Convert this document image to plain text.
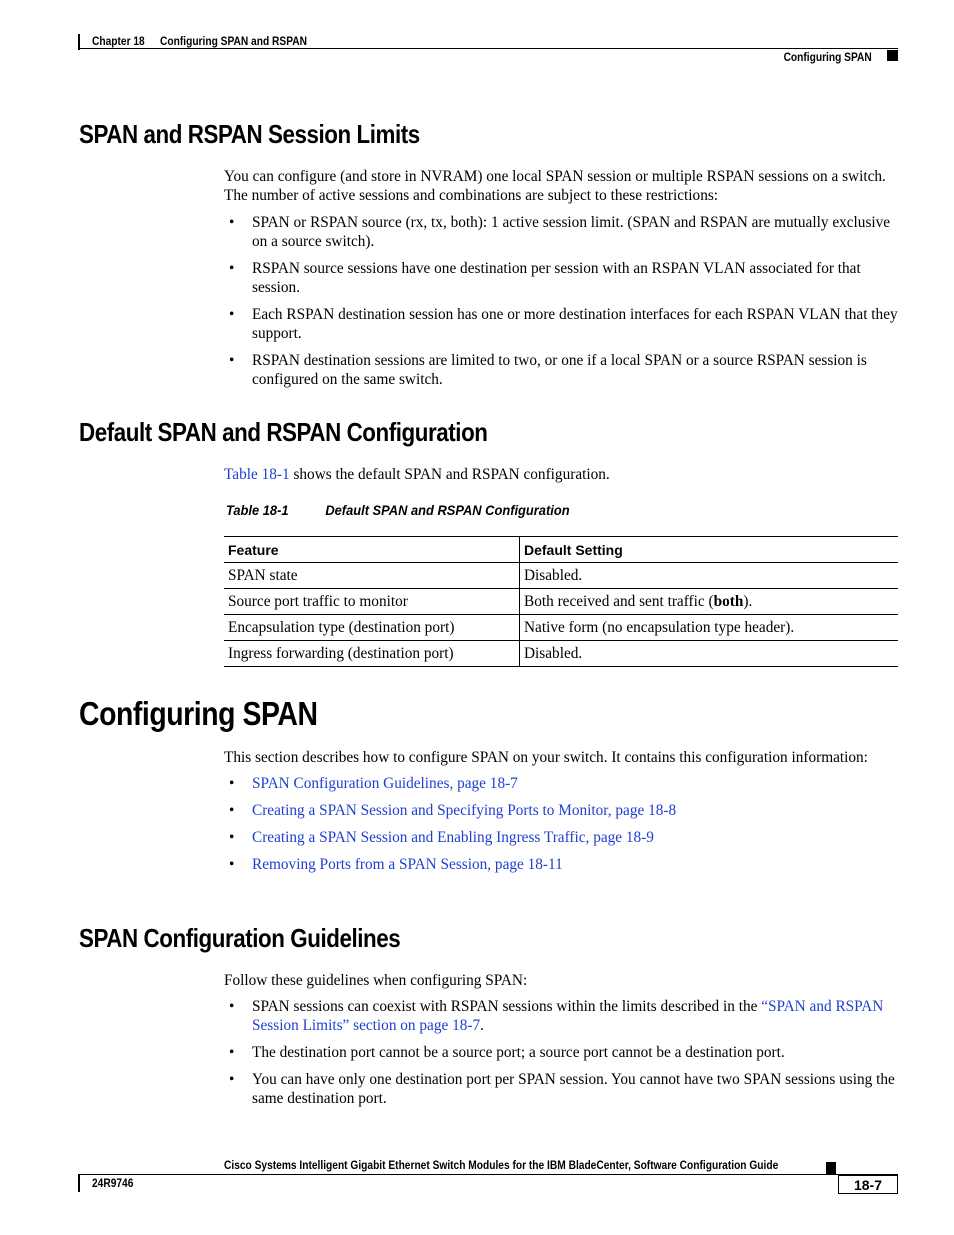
Chapter 18 Configuring SPAN and RSPAN
Configuring SPAN
SPAN and RSPAN Session Limits

You can configure (and store in NVRAM) one local SPAN session or multiple RSPAN sessions on a switch. The number of active sessions and combinations are subject to these restrictions:

• SPAN or RSPAN source (rx, tx, both): 1 active session limit. (SPAN and RSPAN are mutually exclusive on a source switch).
• RSPAN source sessions have one destination per session with an RSPAN VLAN associated for that session.
• Each RSPAN destination session has one or more destination interfaces for each RSPAN VLAN that they support.
• RSPAN destination sessions are limited to two, or one if a local SPAN or a source RSPAN session is configured on the same switch.
Default SPAN and RSPAN Configuration
Table 18-1 shows the default SPAN and RSPAN configuration.
Table 18-1	Default SPAN and RSPAN Configuration
Feature	Default Setting
SPAN state	Disabled.
Source port traffic to monitor	Both received and sent traffic (both).
Encapsulation type (destination port)	Native form (no encapsulation type header).
Ingress forwarding (destination port)	Disabled.
Configuring SPAN

This section describes how to configure SPAN on your switch. It contains this configuration information:

• SPAN Configuration Guidelines, page 18-7
• Creating a SPAN Session and Specifying Ports to Monitor, page 18-8
• Creating a SPAN Session and Enabling Ingress Traffic, page 18-9
• Removing Ports from a SPAN Session, page 18-11
SPAN Configuration Guidelines

Follow these guidelines when configuring SPAN:

• SPAN sessions can coexist with RSPAN sessions within the limits described in the “SPAN and RSPAN Session Limits” section on page 18-7.
• The destination port cannot be a source port; a source port cannot be a destination port.
• You can have only one destination port per SPAN session. You cannot have two SPAN sessions using the same destination port.
Cisco Systems Intelligent Gigabit Ethernet Switch Modules for the IBM BladeCenter, Software Configuration Guide
24R9746	18-7
